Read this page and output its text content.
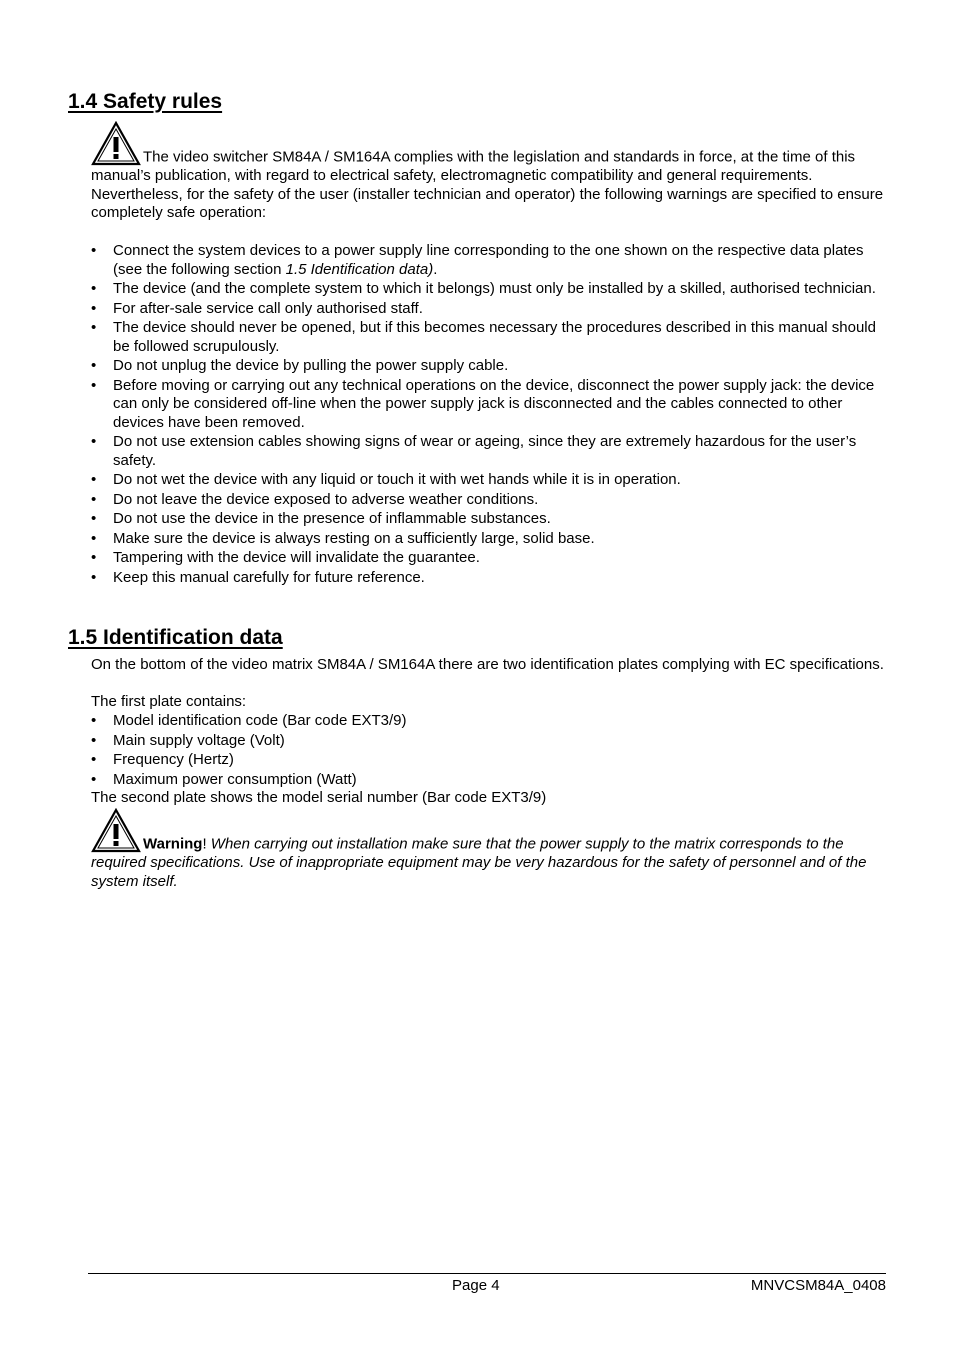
1.4 Safety rules

The video switcher SM84A / SM164A complies with the legislation and standards in force, at the time of this manual’s publication, with regard to electrical safety, electromagnetic compatibility and general requirements. Nevertheless, for the safety of the user (installer technician and operator) the following warnings are specified to ensure completely safe operation:

• Connect the system devices to a power supply line corresponding to the one shown on the respective data plates (see the following section 1.5 Identification data).
• The device (and the complete system to which it belongs) must only be installed by a skilled, authorised technician.
• For after-sale service call only authorised staff.
• The device should never be opened, but if this becomes necessary the procedures described in this manual should be followed scrupulously.
• Do not unplug the device by pulling the power supply cable.
• Before moving or carrying out any technical operations on the device, disconnect the power supply jack: the device can only be considered off-line when the power supply jack is disconnected and the cables connected to other devices have been removed.
• Do not use extension cables showing signs of wear or ageing, since they are extremely hazardous for the user’s safety.
• Do not wet the device with any liquid or touch it with wet hands while it is in operation.
• Do not leave the device exposed to adverse weather conditions.
• Do not use the device in the presence of inflammable substances.
• Make sure the device is always resting on a sufficiently large, solid base.
• Tampering with the device will invalidate the guarantee.
• Keep this manual carefully for future reference.
1.5 Identification data

On the bottom of the video matrix SM84A / SM164A there are two identification plates complying with EC specifications.

The first plate contains:
• Model identification code (Bar code EXT3/9)
• Main supply voltage (Volt)
• Frequency (Hertz)
• Maximum power consumption (Watt)
The second plate shows the model serial number (Bar code EXT3/9)

Warning! When carrying out installation make sure that the power supply to the matrix corresponds to the required specifications. Use of inappropriate equipment may be very hazardous for the safety of personnel and of the system itself.

Page 4	MNVCSM84A_0408
